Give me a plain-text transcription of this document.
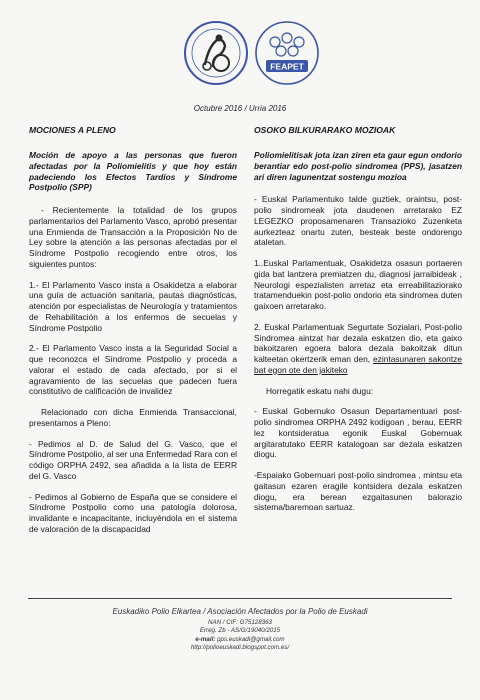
FEAPET
Octubre 2016 / Urria 2016
MOCIONES A PLENO
Moción de apoyo a las personas que fueron afectadas por la Poliomielitis y que hoy están padeciendo los Efectos Tardíos y Síndrome Postpolio (SPP)

- Recientemente la totalidad de los grupos parlamentarios del Parlamento Vasco, aprobó presentar una Enmienda de Transacción a la Proposición No de Ley sobre la atención a las personas afectadas por el Síndrome Postpolio recogiendo entre otros, los siguientes puntos:

1.- El Parlamento Vasco insta a Osakidetza a elaborar una guía de actuación sanitaria, pautas diagnósticas, atención por especialistas de Neurología y tratamientos de Rehabilitación a los enfermos de secuelas y Síndrome Postpolio

2.- El Parlamento Vasco insta a la Seguridad Social a que reconozca el Síndrome Postpolio y proceda a valorar el estado de cada afectado, por si el agravamiento de las secuelas que padecen fuera constitutivo de calificación de invalidez

Relacionado con dicha Enmienda Transaccional, presentamos a Pleno:

- Pedimos al D. de Salud del G. Vasco, que el Síndrome Postpolio, al ser una Enfermedad Rara con el código ORPHA 2492, sea añadida a la lista de EERR del G. Vasco

- Pedimos al Gobierno de España que se considere el Síndrome Postpolio como una patología dolorosa, invalidante e incapacitante, incluyéndola en el sistema de valoración de la discapacidad

OSOKO BILKURARAKO MOZIOAK
Poliomielitisak jota izan ziren eta gaur egun ondorio berantiar edo post-polio sindromea (PPS), jasatzen ari diren lagunentzat sostengu mozioa

- Euskal Parlamentuko talde guztiek, oraintsu, post-polio sindromeak jota daudenen arretarako EZ LEGEZKO proposamenaren Transazioko Zuzenketa aurkezteaz onartu zuten, besteak beste ondorengo ataletan.

1..Euskal Parlamentuak, Osakidetza osasun portaeren gida bat lantzera premiatzen du, diagnosi jarraibideak , Neurologi espezialisten arretaz eta erreabilitaziorako tratamenduekin post-polio ondorio eta sindromea duten gaixoen arretarako.

2. Euskal Parlamentuak Segurtate Sozialari, Post-polio Sindromea aintzat har dezala eskatzen dio, eta gaixo bakoitzaren egoera balora dezala bakoitzak ditun kalteetan okertzerik eman den, ezintasunaren sakontze bat egon ote den jakiteko

Horregatik eskatu nahi dugu:

- Euskal Gobernuko Osasun Departamentuari post-polio sindromea ORPHA 2492 kodigoan , berau, EERR lez kontsideratua egonik Euskal Gobernuak argitaratutako EERR katalogoan sar dezala eskatzen diogu.

-Espaiako Gobernuari post-polio sindromea , mintsu eta gaitasun ezaren eragile kontsidera dezala eskatzen diogu, era berean ezgaitasunen balorazio sistema/baremoan sartuaz.

Euskadiko Polio Elkartea / Asociación Afectados por la Polio de Euskadi
NAN / CIF: G75128363
Erreg. Zb - AS/G/19040/2015
e-mail: pps.euskadi@gmail.com
http://polioeuskadi.blogspot.com.es/
